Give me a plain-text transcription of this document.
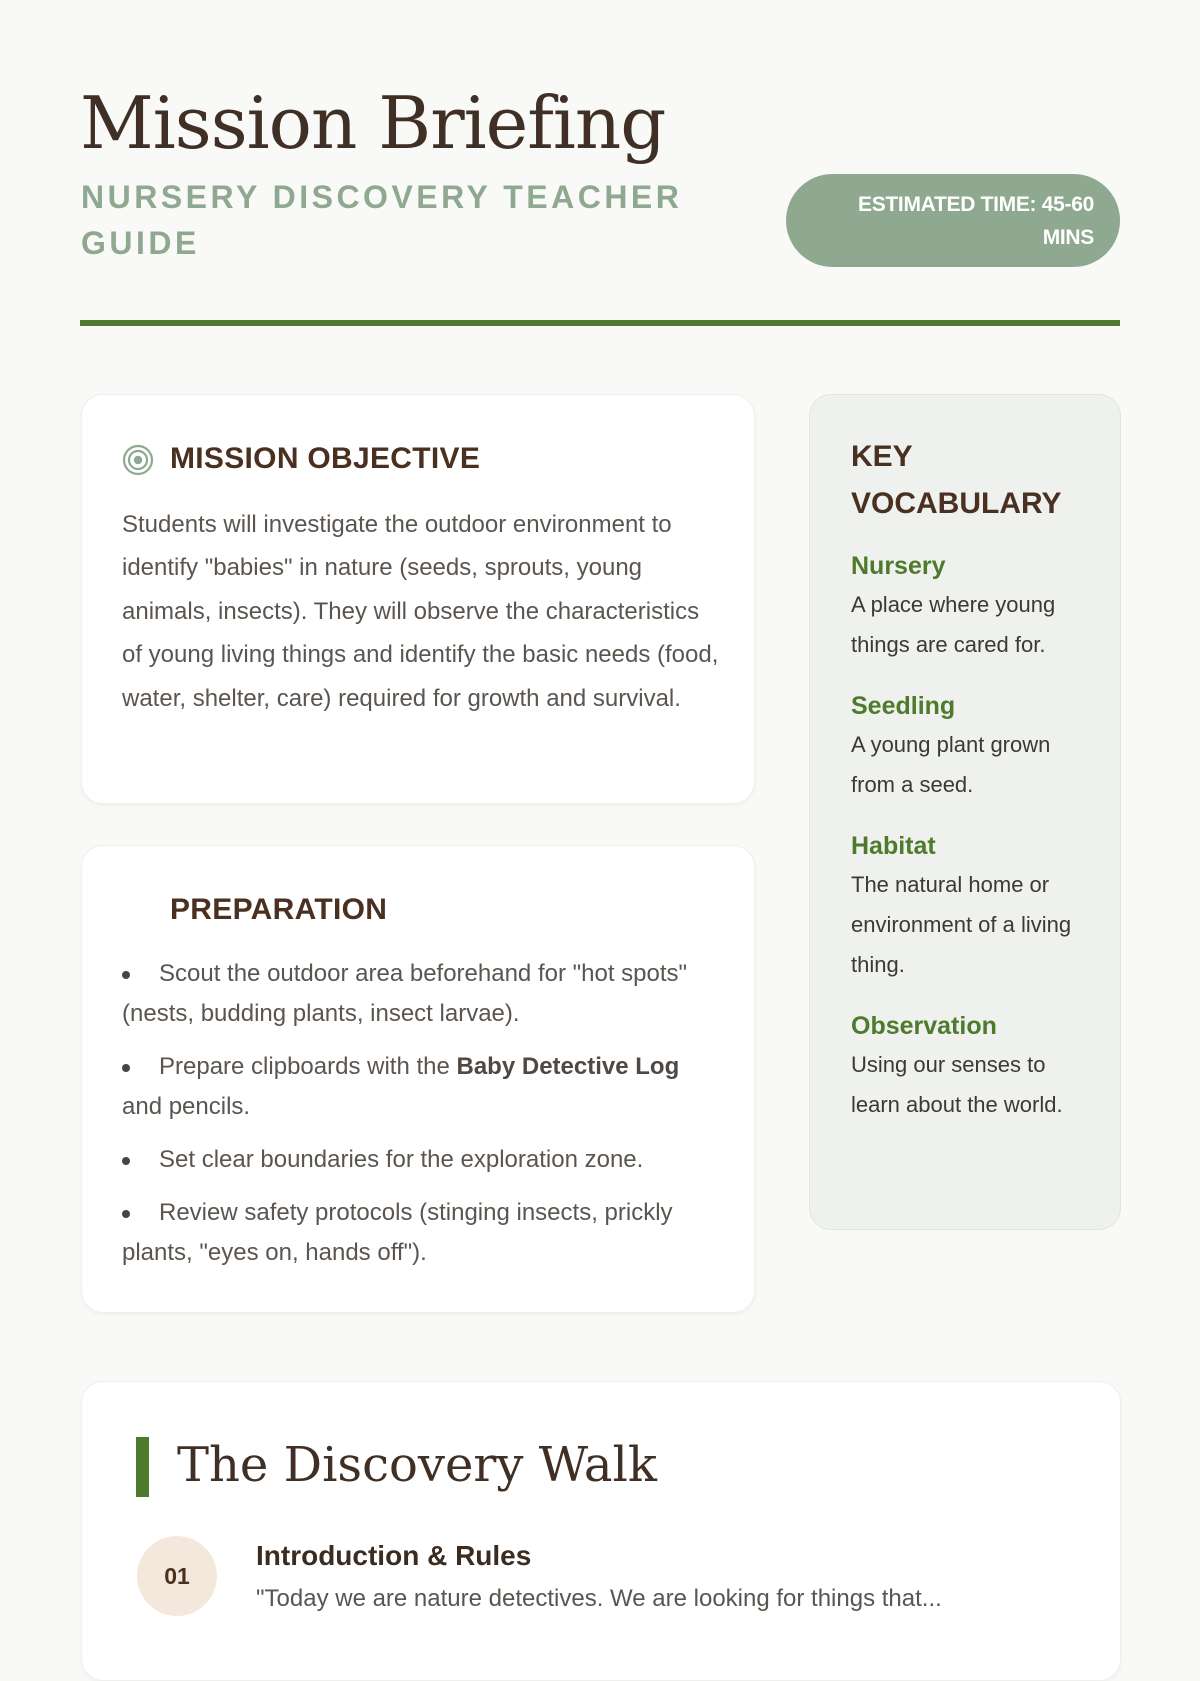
Mission Briefing
NURSERY DISCOVERY TEACHER GUIDE
ESTIMATED TIME: 45-60 MINS
MISSION OBJECTIVE

Students will investigate the outdoor environment to identify "babies" in nature (seeds, sprouts, young animals, insects). They will observe the characteristics of young living things and identify the basic needs (food, water, shelter, care) required for growth and survival.

PREPARATION
Scout the outdoor area beforehand for "hot spots" (nests, budding plants, insect larvae).
Prepare clipboards with the Baby Detective Log and pencils.
Set clear boundaries for the exploration zone.
Review safety protocols (stinging insects, prickly plants, "eyes on, hands off").
KEY VOCABULARY

Nursery

A place where young things are cared for.

Seedling

A young plant grown from a seed.

Habitat

The natural home or environment of a living thing.

Observation

Using our senses to learn about the world.

The Discovery Walk
01
Introduction & Rules

"Today we are nature detectives. We are looking for things that...
